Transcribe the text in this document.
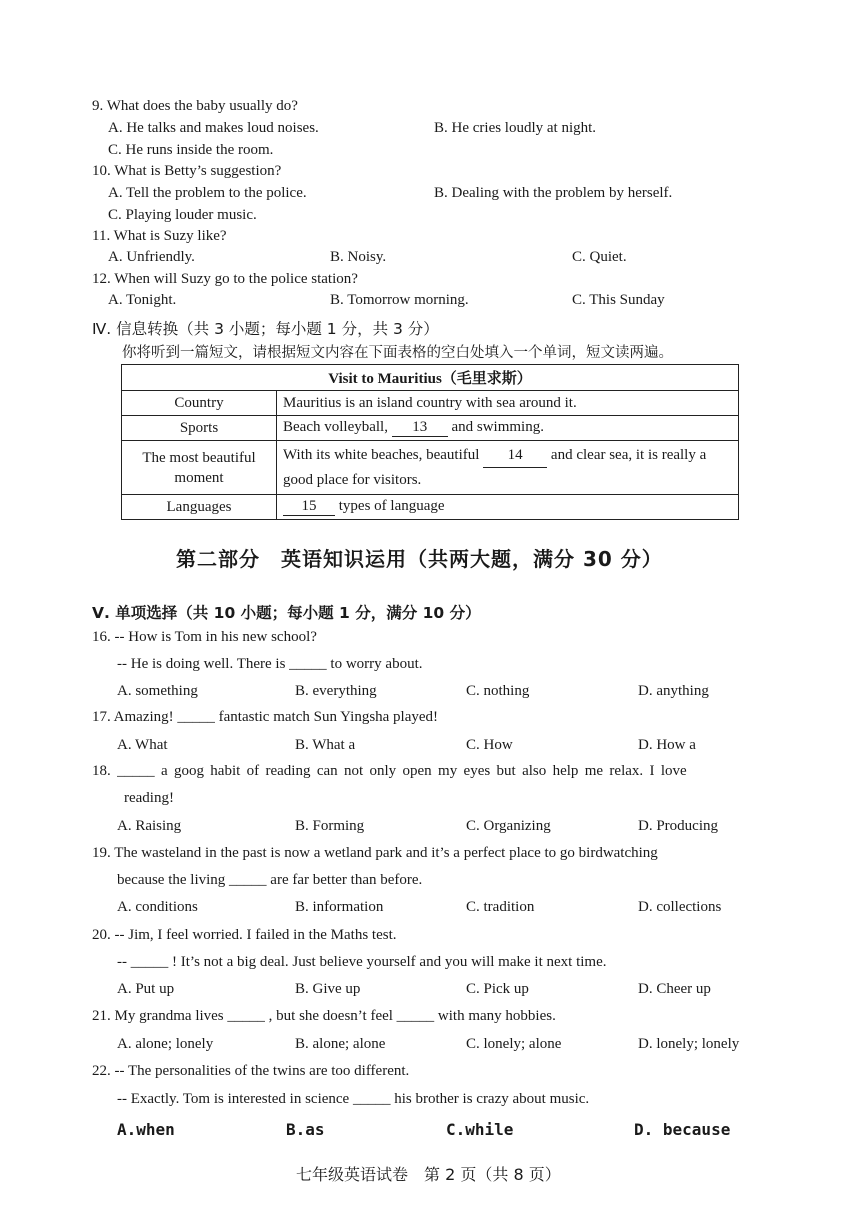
9. What does the baby usually do?
A. He talks and makes loud noises.	B. He cries loudly at night.
C. He runs inside the room.
10. What is Betty’s suggestion?
A. Tell the problem to the police.	B. Dealing with the problem by herself.
C. Playing louder music.
11. What is Suzy like?
A. Unfriendly.	B. Noisy.	C. Quiet.
12. When will Suzy go to the police station?
A. Tonight.	B. Tomorrow morning.	C. This Sunday
Ⅳ. 信息转换（共 3 小题；每小题 1 分，共 3 分）
你将听到一篇短文，请根据短文内容在下面表格的空白处填入一个单词，短文读两遍。
Visit to Mauritius（毛里求斯）	
Country	Mauritius is an island country with sea around it.
Sports	Beach volleyball, 13 and swimming.
The most beautiful moment	With its white beaches, beautiful 14 and clear sea, it is really a good place for visitors.
Languages	15 types of language
第二部分　英语知识运用（共两大题，满分 30 分）
Ⅴ. 单项选择（共 10 小题；每小题 1 分，满分 10 分）
16. -- How is Tom in his new school?
-- He is doing well. There is _____ to worry about.
A. something	B. everything	C. nothing	D. anything
17. Amazing! _____ fantastic match Sun Yingsha played!
A. What	B. What a	C. How	D. How a
18. _____ a goog habit of reading can not only open my eyes but also help me relax. I love
reading!
A. Raising	B. Forming	C. Organizing	D. Producing
19. The wasteland in the past is now a wetland park and it’s a perfect place to go birdwatching
because the living _____ are far better than before.
A. conditions	B. information	C. tradition	D. collections
20. -- Jim, I feel worried. I failed in the Maths test.
-- _____ ! It’s not a big deal. Just believe yourself and you will make it next time.
A. Put up	B. Give up	C. Pick up	D. Cheer up
21. My grandma lives _____ , but she doesn’t feel _____ with many hobbies.
A. alone; lonely	B. alone; alone	C. lonely; alone	D. lonely; lonely
22. -- The personalities of the twins are too different.
-- Exactly. Tom is interested in science _____ his brother is crazy about music.
A.when	B.as	C.while	D. because
七年级英语试卷　第 2 页（共 8 页）
